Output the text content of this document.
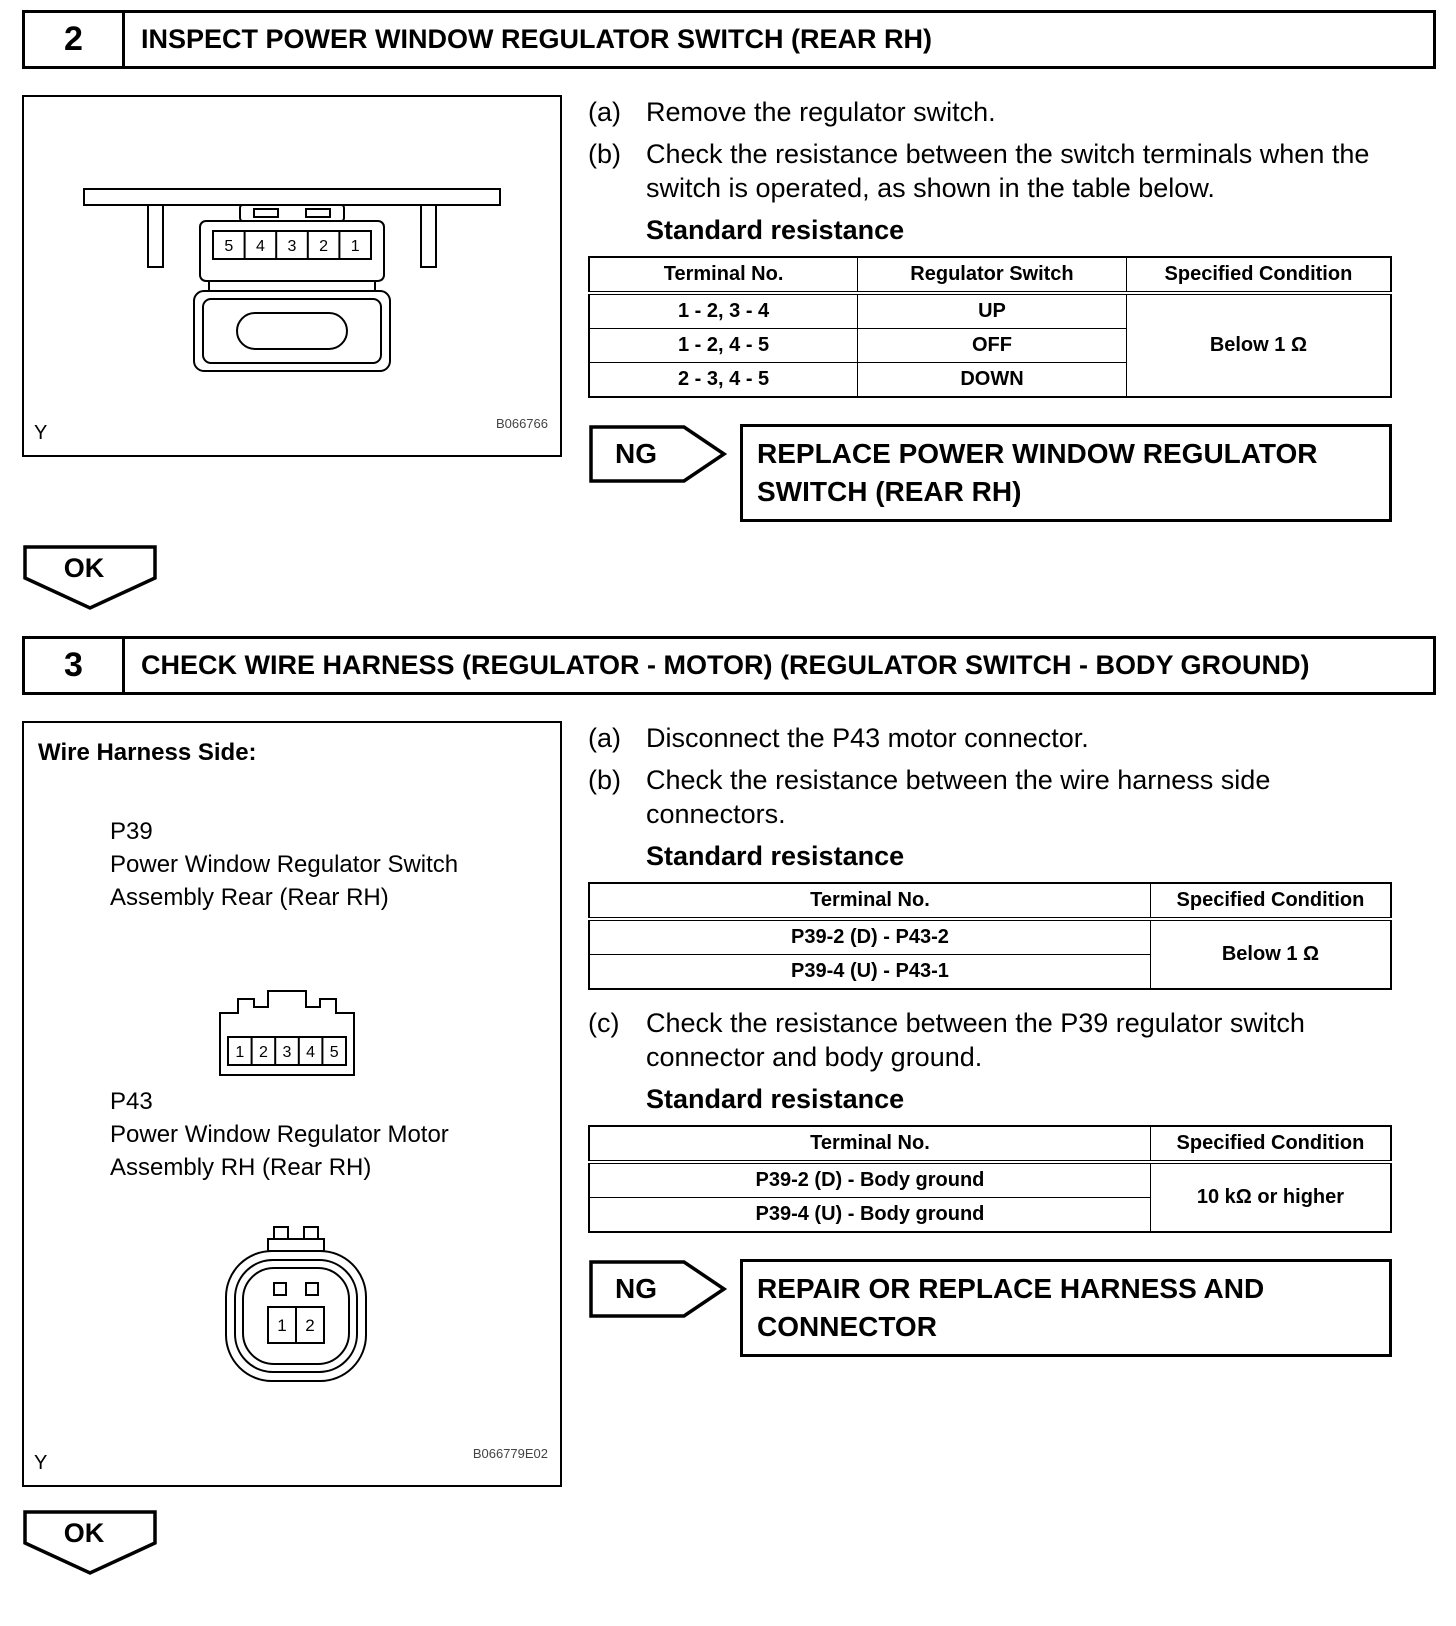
2	INSPECT POWER WINDOW REGULATOR SWITCH (REAR RH)
5 4 3 2 1
Y	B066766
(a) Remove the regulator switch.
(b) Check the resistance between the switch terminals when the switch is operated, as shown in the table below.
Standard resistance
Terminal No.	Regulator Switch	Specified Condition
1 - 2, 3 - 4	UP	Below 1 Ω
1 - 2, 4 - 5	OFF	
2 - 3, 4 - 5	DOWN	
NG	REPLACE POWER WINDOW REGULATOR SWITCH (REAR RH)
OK
3	CHECK WIRE HARNESS (REGULATOR - MOTOR) (REGULATOR SWITCH - BODY GROUND)
Wire Harness Side:
P39
Power Window Regulator Switch
Assembly Rear (Rear RH)
1 2 3 4 5
P43
Power Window Regulator Motor
Assembly RH (Rear RH)
1 2
Y	B066779E02
(a) Disconnect the P43 motor connector.
(b) Check the resistance between the wire harness side connectors.
Standard resistance
Terminal No.	Specified Condition
P39-2 (D) - P43-2	Below 1 Ω
P39-4 (U) - P43-1	
(c) Check the resistance between the P39 regulator switch connector and body ground.
Standard resistance
Terminal No.	Specified Condition
P39-2 (D) - Body ground	10 kΩ or higher
P39-4 (U) - Body ground	
NG	REPAIR OR REPLACE HARNESS AND CONNECTOR
OK
